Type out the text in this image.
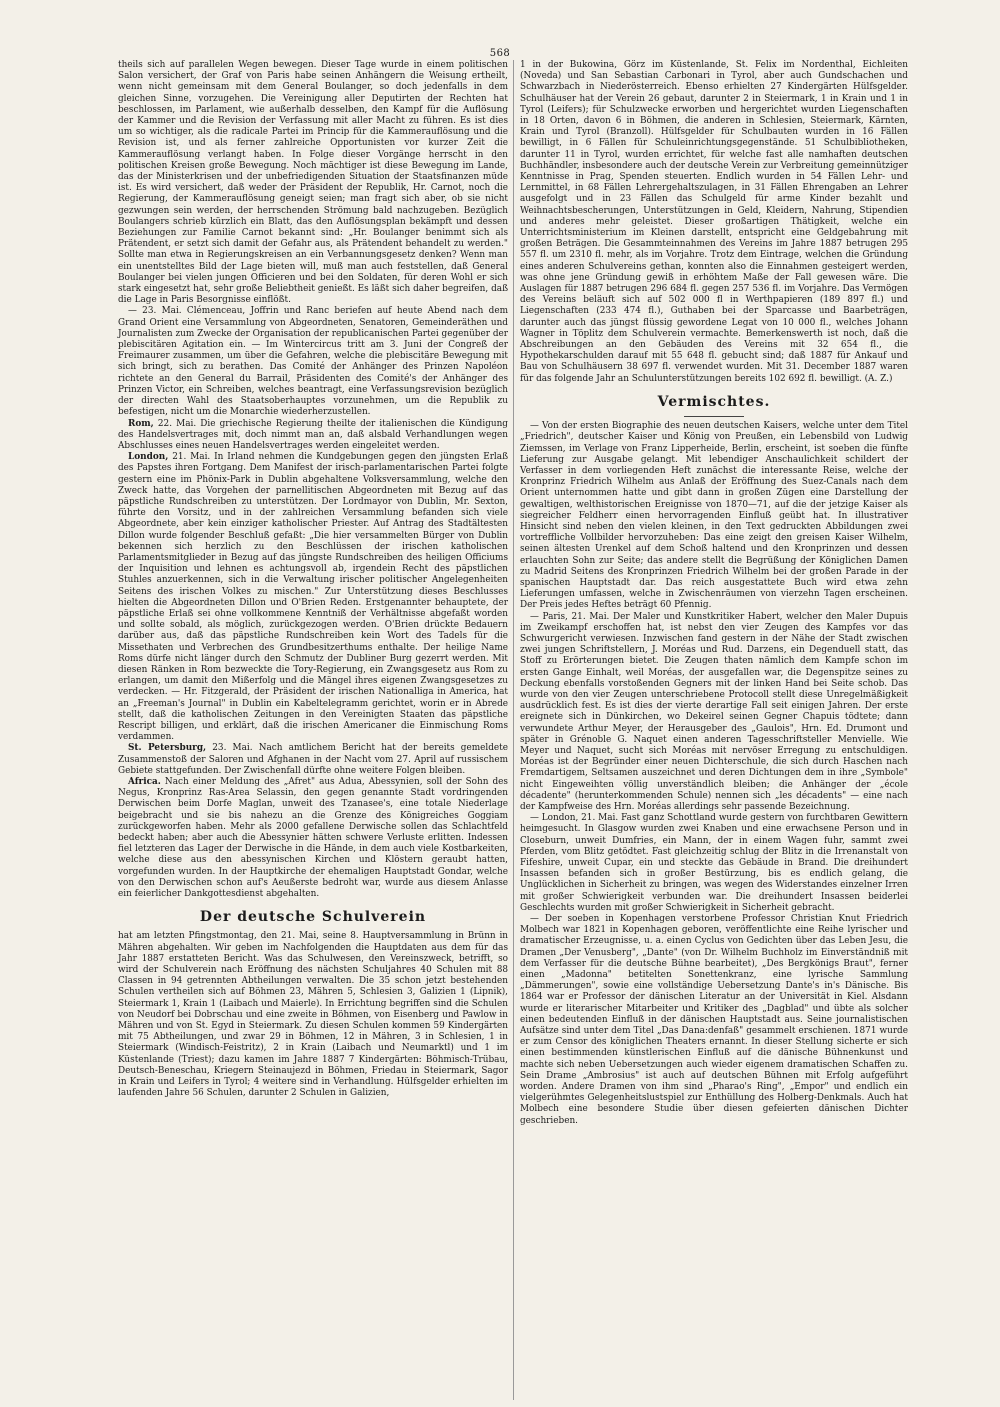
568

theils sich auf parallelen Wegen bewegen. Dieser Tage wurde in einem politischen Salon versichert, der Graf von Paris habe seinen Anhängern die Weisung ertheilt, wenn nicht gemeinsam mit dem General Boulanger, so doch jedenfalls in dem gleichen Sinne, vorzugehen. Die Vereinigung aller Deputirten der Rechten hat beschlossen, im Parlament, wie außerhalb desselben, den Kampf für die Auflösung der Kammer und die Revision der Verfassung mit aller Macht zu führen. Es ist dies um so wichtiger, als die radicale Partei im Princip für die Kammerauflösung und die Revision ist, und als ferner zahlreiche Opportunisten vor kurzer Zeit die Kammerauflösung verlangt haben. In Folge dieser Vorgänge herrscht in den politischen Kreisen große Bewegung. Noch mächtiger ist diese Bewegung im Lande, das der Ministerkrisen und der unbefriedigenden Situation der Staatsfinanzen müde ist. Es wird versichert, daß weder der Präsident der Republik, Hr. Carnot, noch die Regierung, der Kammerauflösung geneigt seien; man fragt sich aber, ob sie nicht gezwungen sein werden, der herrschenden Strömung bald nachzugeben. Bezüglich Boulangers schrieb kürzlich ein Blatt, das den Auflösungsplan bekämpft und dessen Beziehungen zur Familie Carnot bekannt sind: „Hr. Boulanger benimmt sich als Prätendent, er setzt sich damit der Gefahr aus, als Prätendent behandelt zu werden." Sollte man etwa in Regierungskreisen an ein Verbannungsgesetz denken? Wenn man ein unentstelltes Bild der Lage bieten will, muß man auch feststellen, daß General Boulanger bei vielen jungen Officieren und bei den Soldaten, für deren Wohl er sich stark eingesetzt hat, sehr große Beliebtheit genießt. Es läßt sich daher begreifen, daß die Lage in Paris Besorgnisse einflößt.

— 23. Mai. Clémenceau, Joffrin und Ranc beriefen auf heute Abend nach dem Grand Orient eine Versammlung von Abgeordneten, Senatoren, Gemeinderäthen und Journalisten zum Zwecke der Organisation der republicanischen Partei gegenüber der plebiscitären Agitation ein. — Im Wintercircus tritt am 3. Juni der Congreß der Freimaurer zusammen, um über die Gefahren, welche die plebiscitäre Bewegung mit sich bringt, sich zu berathen. Das Comité der Anhänger des Prinzen Napoléon richtete an den General du Barrail, Präsidenten des Comité's der Anhänger des Prinzen Victor, ein Schreiben, welches beantragt, eine Verfassungsrevision bezüglich der directen Wahl des Staatsoberhauptes vorzunehmen, um die Republik zu befestigen, nicht um die Monarchie wiederherzustellen.

Rom, 22. Mai. Die griechische Regierung theilte der italienischen die Kündigung des Handelsvertrages mit, doch nimmt man an, daß alsbald Verhandlungen wegen Abschlusses eines neuen Handelsvertrages werden eingeleitet werden.

London, 21. Mai. In Irland nehmen die Kundgebungen gegen den jüngsten Erlaß des Papstes ihren Fortgang. Dem Manifest der irisch-parlamentarischen Partei folgte gestern eine im Phönix-Park in Dublin abgehaltene Volksversammlung, welche den Zweck hatte, das Vorgehen der parnellitischen Abgeordneten mit Bezug auf das päpstliche Rundschreiben zu unterstützen. Der Lordmayor von Dublin, Mr. Sexton, führte den Vorsitz, und in der zahlreichen Versammlung befanden sich viele Abgeordnete, aber kein einziger katholischer Priester. Auf Antrag des Stadtältesten Dillon wurde folgender Beschluß gefaßt: „Die hier versammelten Bürger von Dublin bekennen sich herzlich zu den Beschlüssen der irischen katholischen Parlamentsmitglieder in Bezug auf das jüngste Rundschreiben des heiligen Officiums der Inquisition und lehnen es achtungsvoll ab, irgendein Recht des päpstlichen Stuhles anzuerkennen, sich in die Verwaltung irischer politischer Angelegenheiten Seitens des irischen Volkes zu mischen." Zur Unterstützung dieses Beschlusses hielten die Abgeordneten Dillon und O'Brien Reden. Erstgenannter behauptete, der päpstliche Erlaß sei ohne vollkommene Kenntniß der Verhältnisse abgefaßt worden und sollte sobald, als möglich, zurückgezogen werden. O'Brien drückte Bedauern darüber aus, daß das päpstliche Rundschreiben kein Wort des Tadels für die Missethaten und Verbrechen des Grundbesitzerthums enthalte. Der heilige Name Roms dürfe nicht länger durch den Schmutz der Dubliner Burg gezerrt werden. Mit diesen Ränken in Rom bezweckte die Tory-Regierung, ein Zwangsgesetz aus Rom zu erlangen, um damit den Mißerfolg und die Mängel ihres eigenen Zwangsgesetzes zu verdecken. — Hr. Fitzgerald, der Präsident der irischen Nationalliga in America, hat an „Freeman's Journal" in Dublin ein Kabeltelegramm gerichtet, worin er in Abrede stellt, daß die katholischen Zeitungen in den Vereinigten Staaten das päpstliche Rescript billigen, und erklärt, daß die irischen Americaner die Einmischung Roms verdammen.

St. Petersburg, 23. Mai. Nach amtlichem Bericht hat der bereits gemeldete Zusammenstoß der Saloren und Afghanen in der Nacht vom 27. April auf russischem Gebiete stattgefunden. Der Zwischenfall dürfte ohne weitere Folgen bleiben.

Africa. Nach einer Meldung des „Afret" aus Adua, Abessynien, soll der Sohn des Negus, Kronprinz Ras-Area Selassin, den gegen genannte Stadt vordringenden Derwischen beim Dorfe Maglan, unweit des Tzanasee's, eine totale Niederlage beigebracht und sie bis nahezu an die Grenze des Königreiches Goggiam zurückgeworfen haben. Mehr als 2000 gefallene Derwische sollen das Schlachtfeld bedeckt haben; aber auch die Abessynier hätten schwere Verluste erlitten. Indessen fiel letzteren das Lager der Derwische in die Hände, in dem auch viele Kostbarkeiten, welche diese aus den abessynischen Kirchen und Klöstern geraubt hatten, vorgefunden wurden. In der Hauptkirche der ehemaligen Hauptstadt Gondar, welche von den Derwischen schon auf's Aeußerste bedroht war, wurde aus diesem Anlasse ein feierlicher Dankgottesdienst abgehalten.

Der deutsche Schulverein

hat am letzten Pfingstmontag, den 21. Mai, seine 8. Hauptversammlung in Brünn in Mähren abgehalten. Wir geben im Nachfolgenden die Hauptdaten aus dem für das Jahr 1887 erstatteten Bericht. Was das Schulwesen, den Vereinszweck, betrifft, so wird der Schulverein nach Eröffnung des nächsten Schuljahres 40 Schulen mit 88 Classen in 94 getrennten Abtheilungen verwalten. Die 35 schon jetzt bestehenden Schulen vertheilen sich auf Böhmen 23, Mähren 5, Schlesien 3, Galizien 1 (Lipnik), Steiermark 1, Krain 1 (Laibach und Maierle). In Errichtung begriffen sind die Schulen von Neudorf bei Dobrschau und eine zweite in Böhmen, von Eisenberg und Pawlow in Mähren und von St. Egyd in Steiermark. Zu diesen Schulen kommen 59 Kindergärten mit 75 Abtheilungen, und zwar 29 in Böhmen, 12 in Mähren, 3 in Schlesien, 1 in Steiermark (Windisch-Feistritz), 2 in Krain (Laibach und Neumarktl) und 1 im Küstenlande (Triest); dazu kamen im Jahre 1887 7 Kindergärten: Böhmisch-Trübau, Deutsch-Beneschau, Kriegern Steinaujezd in Böhmen, Friedau in Steiermark, Sagor in Krain und Leifers in Tyrol; 4 weitere sind in Verhandlung. Hülfsgelder erhielten im laufenden Jahre 56 Schulen, darunter 2 Schulen in Galizien,

1 in der Bukowina, Görz im Küstenlande, St. Felix im Nordenthal, Eichleiten (Noveda) und San Sebastian Carbonari in Tyrol, aber auch Gundschachen und Schwarzbach in Niederösterreich. Ebenso erhielten 27 Kindergärten Hülfsgelder. Schulhäuser hat der Verein 26 gebaut, darunter 2 in Steiermark, 1 in Krain und 1 in Tyrol (Leifers); für Schulzwecke erworben und hergerichtet wurden Liegenschaften in 18 Orten, davon 6 in Böhmen, die anderen in Schlesien, Steiermark, Kärnten, Krain und Tyrol (Branzoll). Hülfsgelder für Schulbauten wurden in 16 Fällen bewilligt, in 6 Fällen für Schuleinrichtungsgegenstände. 51 Schulbibliotheken, darunter 11 in Tyrol, wurden errichtet, für welche fast alle namhaften deutschen Buchhändler, insbesondere auch der deutsche Verein zur Verbreitung gemeinnütziger Kenntnisse in Prag, Spenden steuerten. Endlich wurden in 54 Fällen Lehr- und Lernmittel, in 68 Fällen Lehrergehaltszulagen, in 31 Fällen Ehrengaben an Lehrer ausgefolgt und in 23 Fällen das Schulgeld für arme Kinder bezahlt und Weihnachtsbescherungen, Unterstützungen in Geld, Kleidern, Nahrung, Stipendien und anderes mehr geleistet. Dieser großartigen Thätigkeit, welche ein Unterrichtsministerium im Kleinen darstellt, entspricht eine Geldgebahrung mit großen Beträgen. Die Gesammteinnahmen des Vereins im Jahre 1887 betrugen 295 557 fl. um 2310 fl. mehr, als im Vorjahre. Trotz dem Eintrage, welchen die Gründung eines anderen Schulvereins gethan, konnten also die Einnahmen gesteigert werden, was ohne jene Gründung gewiß in erhöhtem Maße der Fall gewesen wäre. Die Auslagen für 1887 betrugen 296 684 fl. gegen 257 536 fl. im Vorjahre. Das Vermögen des Vereins beläuft sich auf 502 000 fl in Werthpapieren (189 897 fl.) und Liegenschaften (233 474 fl.), Guthaben bei der Sparcasse und Baarbeträgen, darunter auch das jüngst flüssig gewordene Legat von 10 000 fl., welches Johann Wagner in Töplitz dem Schulverein vermachte. Bemerkenswerth ist noch, daß die Abschreibungen an den Gebäuden des Vereins mit 32 654 fl., die Hypothekarschulden darauf mit 55 648 fl. gebucht sind; daß 1887 für Ankauf und Bau von Schulhäusern 38 697 fl. verwendet wurden. Mit 31. December 1887 waren für das folgende Jahr an Schulunterstützungen bereits 102 692 fl. bewilligt. (A. Z.)

Vermischtes.

— Von der ersten Biographie des neuen deutschen Kaisers, welche unter dem Titel „Friedrich", deutscher Kaiser und König von Preußen, ein Lebensbild von Ludwig Ziemssen, im Verlage von Franz Lipperheide, Berlin, erscheint, ist soeben die fünfte Lieferung zur Ausgabe gelangt. Mit lebendiger Anschaulichkeit schildert der Verfasser in dem vorliegenden Heft zunächst die interessante Reise, welche der Kronprinz Friedrich Wilhelm aus Anlaß der Eröffnung des Suez-Canals nach dem Orient unternommen hatte und gibt dann in großen Zügen eine Darstellung der gewaltigen, welthistorischen Ereignisse von 1870—71, auf die der jetzige Kaiser als siegreicher Feldherr einen hervorragenden Einfluß geübt hat. In illustrativer Hinsicht sind neben den vielen kleinen, in den Text gedruckten Abbildungen zwei vortreffliche Vollbilder hervorzuheben: Das eine zeigt den greisen Kaiser Wilhelm, seinen ältesten Urenkel auf dem Schoß haltend und den Kronprinzen und dessen erlauchten Sohn zur Seite; das andere stellt die Begrüßung der Königlichen Damen zu Madrid Seitens des Kronprinzen Friedrich Wilhelm bei der großen Parade in der spanischen Hauptstadt dar. Das reich ausgestattete Buch wird etwa zehn Lieferungen umfassen, welche in Zwischenräumen von vierzehn Tagen erscheinen. Der Preis jedes Heftes beträgt 60 Pfennig.

— Paris, 21. Mai. Der Maler und Kunstkritiker Habert, welcher den Maler Dupuis im Zweikampf erschoffen hat, ist nebst den vier Zeugen des Kampfes vor das Schwurgericht verwiesen. Inzwischen fand gestern in der Nähe der Stadt zwischen zwei jungen Schriftstellern, J. Moréas und Rud. Darzens, ein Degenduell statt, das Stoff zu Erörterungen bietet. Die Zeugen thaten nämlich dem Kampfe schon im ersten Gange Einhalt, weil Moréas, der ausgefallen war, die Degenspitze seines zu Deckung ebenfalls vorstoßenden Gegners mit der linken Hand bei Seite schob. Das wurde von den vier Zeugen unterschriebene Protocoll stellt diese Unregelmäßigkeit ausdrücklich fest. Es ist dies der vierte derartige Fall seit einigen Jahren. Der erste ereignete sich in Dünkirchen, wo Dekeirel seinen Gegner Chapuis tödtete; dann verwundete Arthur Meyer, der Herausgeber des „Gaulois", Hrn. Ed. Drumont und später in Grénoble G. Naquet einen anderen Tagesschriftsteller Menvielle. Wie Meyer und Naquet, sucht sich Moréas mit nervöser Erregung zu entschuldigen. Moréas ist der Begründer einer neuen Dichterschule, die sich durch Haschen nach Fremdartigem, Seltsamen auszeichnet und deren Dichtungen dem in ihre „Symbole" nicht Eingeweihten völlig unverständlich bleiben; die Anhänger der „école décadente" (herunterkommenden Schule) nennen sich „les décadents" — eine nach der Kampfweise des Hrn. Moréas allerdings sehr passende Bezeichnung.

— London, 21. Mai. Fast ganz Schottland wurde gestern von furchtbaren Gewittern heimgesucht. In Glasgow wurden zwei Knaben und eine erwachsene Person und in Closeburn, unweit Dumfries, ein Mann, der in einem Wagen fuhr, sammt zwei Pferden, vom Blitz getödtet. Fast gleichzeitig schlug der Blitz in die Irrenanstalt von Fifeshire, unweit Cupar, ein und steckte das Gebäude in Brand. Die dreihundert Insassen befanden sich in großer Bestürzung, bis es endlich gelang, die Unglücklichen in Sicherheit zu bringen, was wegen des Widerstandes einzelner Irren mit großer Schwierigkeit verbunden war. Die dreihundert Insassen beiderlei Geschlechts wurden mit großer Schwierigkeit in Sicherheit gebracht.

— Der soeben in Kopenhagen verstorbene Professor Christian Knut Friedrich Molbech war 1821 in Kopenhagen geboren, veröffentlichte eine Reihe lyrischer und dramatischer Erzeugnisse, u. a. einen Cyclus von Gedichten über das Leben Jesu, die Dramen „Der Venusberg", „Dante" (von Dr. Wilhelm Buchholz im Einverständniß mit dem Verfasser für die deutsche Bühne bearbeitet), „Des Bergkönigs Braut", ferner einen „Madonna" betitelten Sonettenkranz, eine lyrische Sammlung „Dämmerungen", sowie eine vollständige Uebersetzung Dante's in's Dänische. Bis 1864 war er Professor der dänischen Literatur an der Universität in Kiel. Alsdann wurde er literarischer Mitarbeiter und Kritiker des „Dagblad" und übte als solcher einen bedeutenden Einfluß in der dänischen Hauptstadt aus. Seine journalistischen Aufsätze sind unter dem Titel „Das Dana:denfaß" gesammelt erschienen. 1871 wurde er zum Censor des königlichen Theaters ernannt. In dieser Stellung sicherte er sich einen bestimmenden künstlerischen Einfluß auf die dänische Bühnenkunst und machte sich neben Uebersetzungen auch wieder eigenem dramatischen Schaffen zu. Sein Drame „Ambrosius" ist auch auf deutschen Bühnen mit Erfolg aufgeführt worden. Andere Dramen von ihm sind „Pharao's Ring", „Empor" und endlich ein vielgerühmtes Gelegenheitslustspiel zur Enthüllung des Holberg-Denkmals. Auch hat Molbech eine besondere Studie über diesen gefeierten dänischen Dichter geschrieben.
